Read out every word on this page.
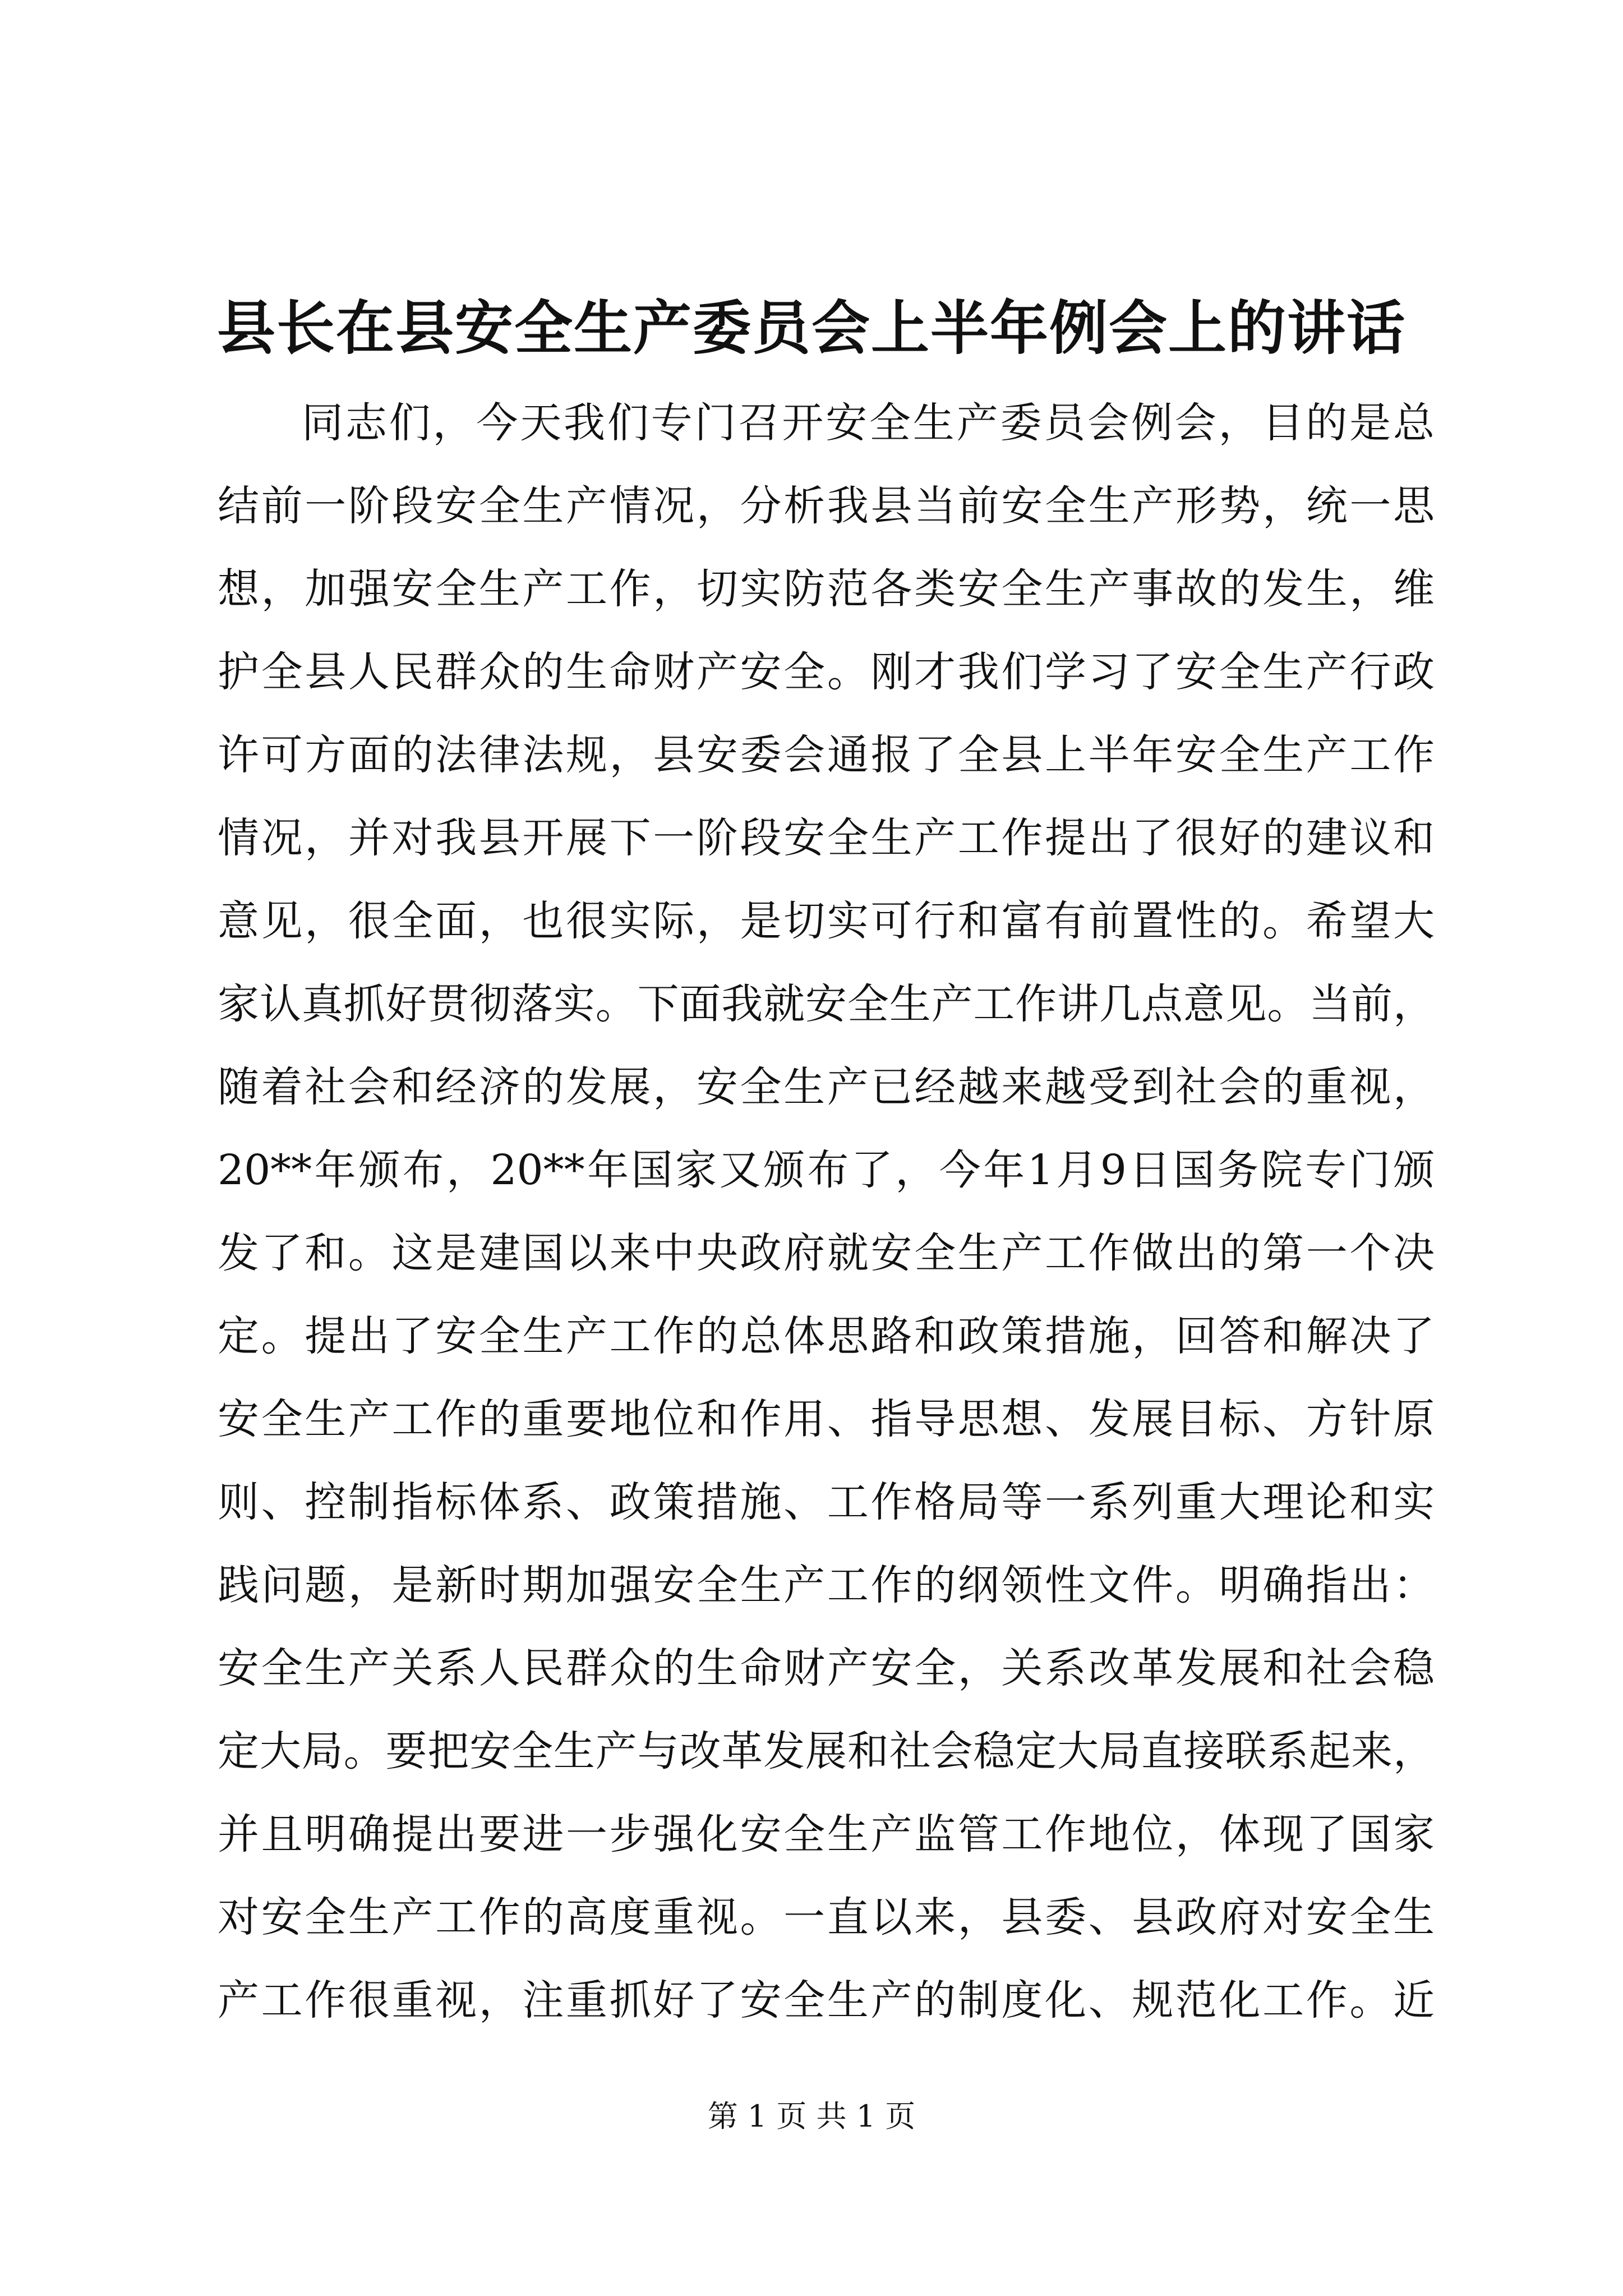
县长在县安全生产委员会上半年例会上的讲话
同志们，今天我们专门召开安全生产委员会例会，目的是总
结前一阶段安全生产情况，分析我县当前安全生产形势，统一思
想，加强安全生产工作，切实防范各类安全生产事故的发生，维
护全县人民群众的生命财产安全。刚才我们学习了安全生产行政
许可方面的法律法规，县安委会通报了全县上半年安全生产工作
情况，并对我县开展下一阶段安全生产工作提出了很好的建议和
意见，很全面，也很实际，是切实可行和富有前置性的。希望大
家认真抓好贯彻落实。下面我就安全生产工作讲几点意见。当前，
随着社会和经济的发展，安全生产已经越来越受到社会的重视，
20**年颁布，20**年国家又颁布了，今年1月9日国务院专门颁
发了和。这是建国以来中央政府就安全生产工作做出的第一个决
定。提出了安全生产工作的总体思路和政策措施，回答和解决了
安全生产工作的重要地位和作用、指导思想、发展目标、方针原
则、控制指标体系、政策措施、工作格局等一系列重大理论和实
践问题，是新时期加强安全生产工作的纲领性文件。明确指出：
安全生产关系人民群众的生命财产安全，关系改革发展和社会稳
定大局。要把安全生产与改革发展和社会稳定大局直接联系起来，
并且明确提出要进一步强化安全生产监管工作地位，体现了国家
对安全生产工作的高度重视。一直以来，县委、县政府对安全生
产工作很重视，注重抓好了安全生产的制度化、规范化工作。近
第 1 页 共 1 页
